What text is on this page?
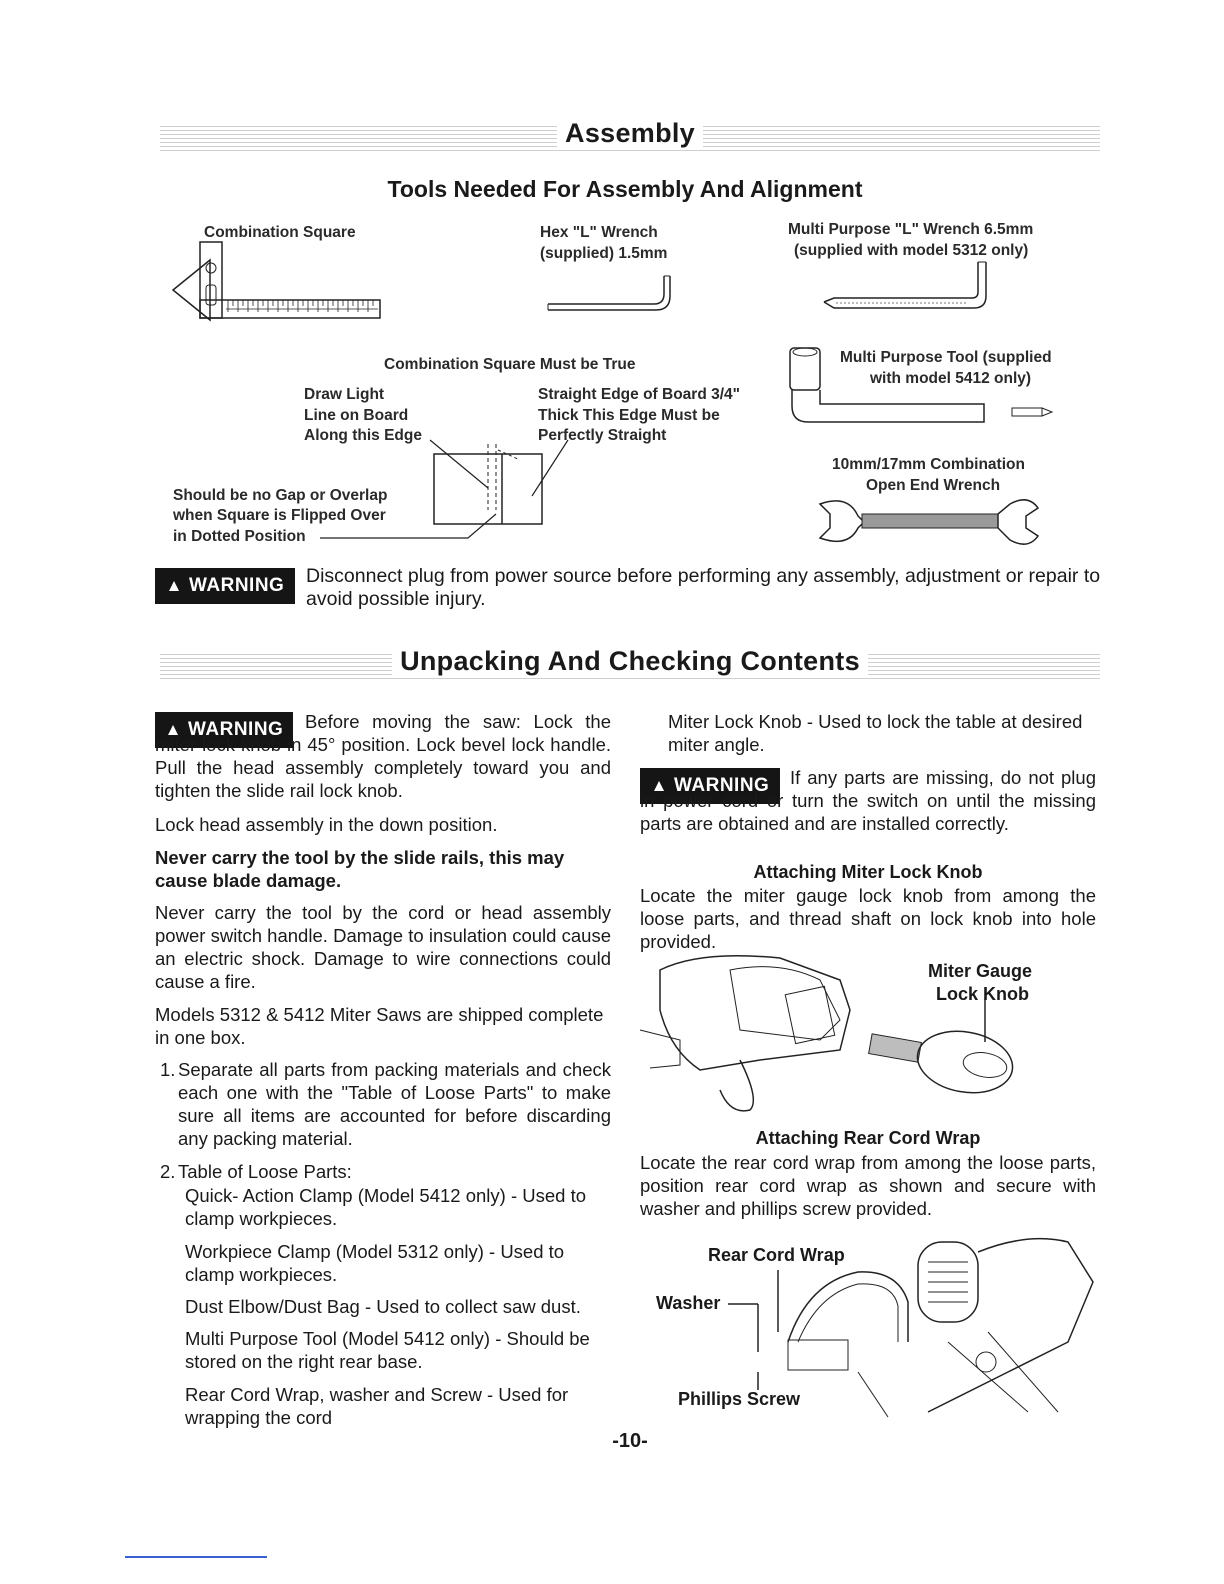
Assembly
Tools Needed For Assembly And Alignment
Combination Square	Hex "L" Wrench
(supplied) 1.5mm
Multi Purpose "L" Wrench 6.5mm
(supplied with model 5312 only)
Combination Square Must be True
Draw Light
Line on Board
Along this Edge
Straight Edge of Board 3/4"
Thick This Edge Must be
Perfectly Straight
Should be no Gap or Overlap
when Square is Flipped Over
in Dotted Position
Multi Purpose Tool (supplied
with model 5412 only)
10mm/17mm Combination
Open End Wrench
▲ WARNING Disconnect plug from power source before performing any assembly, adjustment or repair to avoid possible injury.
Unpacking And Checking Contents
▲ WARNING	Before moving the saw: Lock the miter lock knob in 45° position. Lock bevel lock handle. Pull the head assembly completely toward you and tighten the slide rail lock knob.
Lock head assembly in the down position.
Never carry the tool by the slide rails, this may cause blade damage.
Never carry the tool by the cord or head assembly power switch handle. Damage to insulation could cause an electric shock. Damage to wire connections could cause a fire.
Models 5312 & 5412 Miter Saws are shipped complete in one box.
1. Separate all parts from packing materials and check each one with the "Table of Loose Parts" to make sure all items are accounted for before discarding any packing material.
2. Table of Loose Parts:
Quick- Action Clamp (Model 5412 only) - Used to clamp workpieces.
Workpiece Clamp (Model 5312 only) - Used to clamp workpieces.
Dust Elbow/Dust Bag - Used to collect saw dust.
Multi Purpose Tool (Model 5412 only) - Should be stored on the right rear base.
Rear Cord Wrap, washer and Screw - Used for wrapping the cord
Miter Lock Knob - Used to lock the table at desired miter angle.
▲ WARNING	If any parts are missing, do not plug in power cord or turn the switch on until the missing parts are obtained and are installed correctly.
Attaching Miter Lock Knob
Locate the miter gauge lock knob from among the loose parts, and thread shaft on lock knob into hole provided.
Miter Gauge
Lock Knob
Attaching Rear Cord Wrap
Locate the rear cord wrap from among the loose parts, position rear cord wrap as shown and secure with washer and phillips screw provided.
Rear Cord Wrap
Washer
Phillips Screw
-10-
